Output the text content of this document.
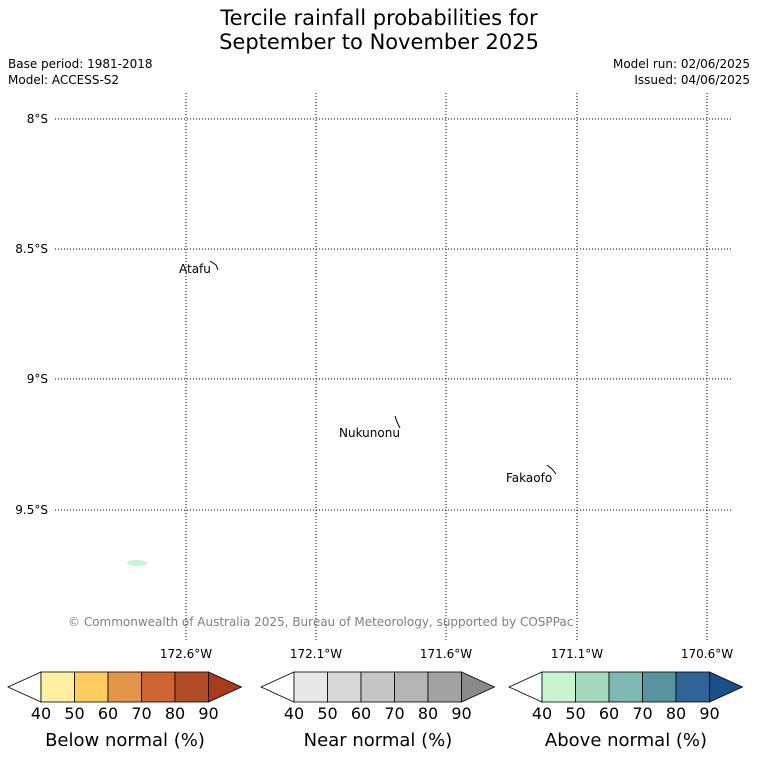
Tercile rainfall probabilities for
September to November 2025
Base period: 1981-2018
Model: ACCESS-S2
Model run: 02/06/2025
Issued: 04/06/2025
8°S
8.5°S
9°S
9.5°S
172.6°W	172.1°W	171.6°W	171.1°W	170.6°W
Atafu
Nukunonu
Fakaofo
© Commonwealth of Australia 2025, Bureau of Meteorology, supported by COSPPac
40 50 60 70 80 90	40 50 60 70 80 90	40 50 60 70 80 90
Below normal (%)	Near normal (%)	Above normal (%)
